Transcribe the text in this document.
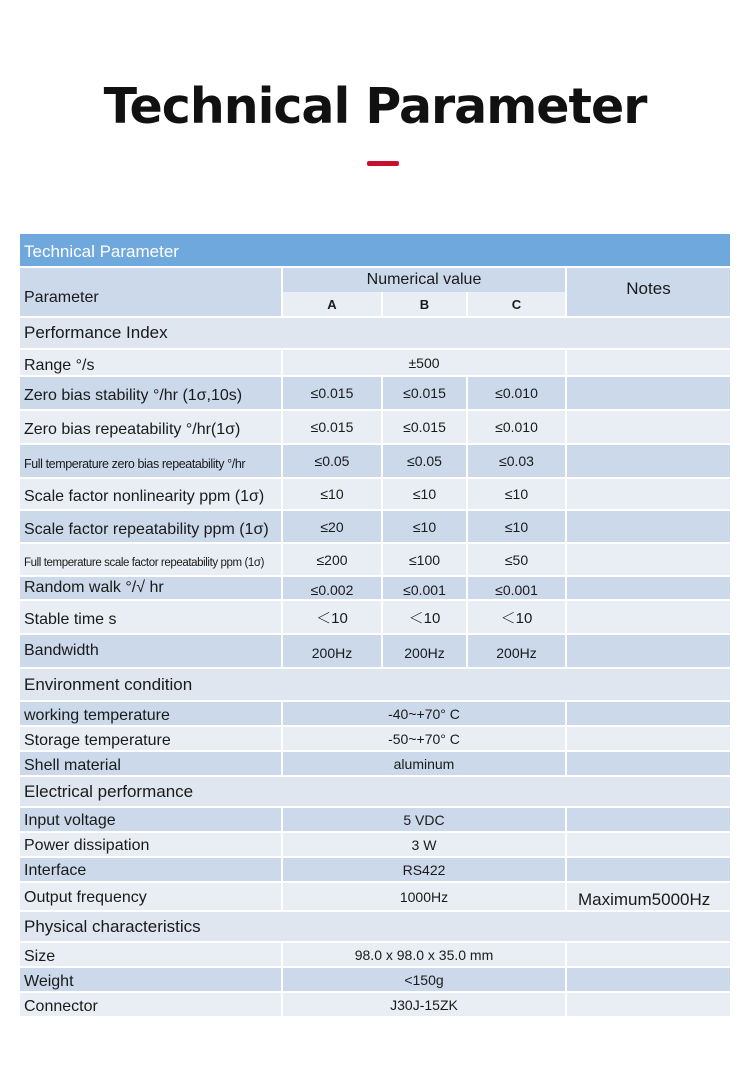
Technical Parameter
Technical Parameter
Parameter
Numerical value
A	B	C
Notes
Performance Index
Range °/s	±500
Zero bias stability °/hr (1σ,10s)	≤0.015	≤0.015	≤0.010
Zero bias repeatability °/hr(1σ)	≤0.015	≤0.015	≤0.010
Full temperature zero bias repeatability °/hr	≤0.05	≤0.05	≤0.03
Scale factor nonlinearity ppm (1σ)	≤10	≤10	≤10
Scale factor repeatability ppm (1σ)	≤20	≤10	≤10
Full temperature scale factor repeatability ppm (1σ)	≤200	≤100	≤50
Random walk °/√ hr	≤0.002	≤0.001	≤0.001
Stable time s	＜10	＜10	＜10
Bandwidth	200Hz	200Hz	200Hz
Environment condition
working temperature	-40~+70° C
Storage temperature	-50~+70° C
Shell material	aluminum
Electrical performance
Input voltage	5 VDC
Power dissipation	3 W
Interface	RS422
Output frequency	1000Hz	Maximum5000Hz
Physical characteristics
Size	98.0 x 98.0 x 35.0 mm
Weight	<150g
Connector	J30J-15ZK
